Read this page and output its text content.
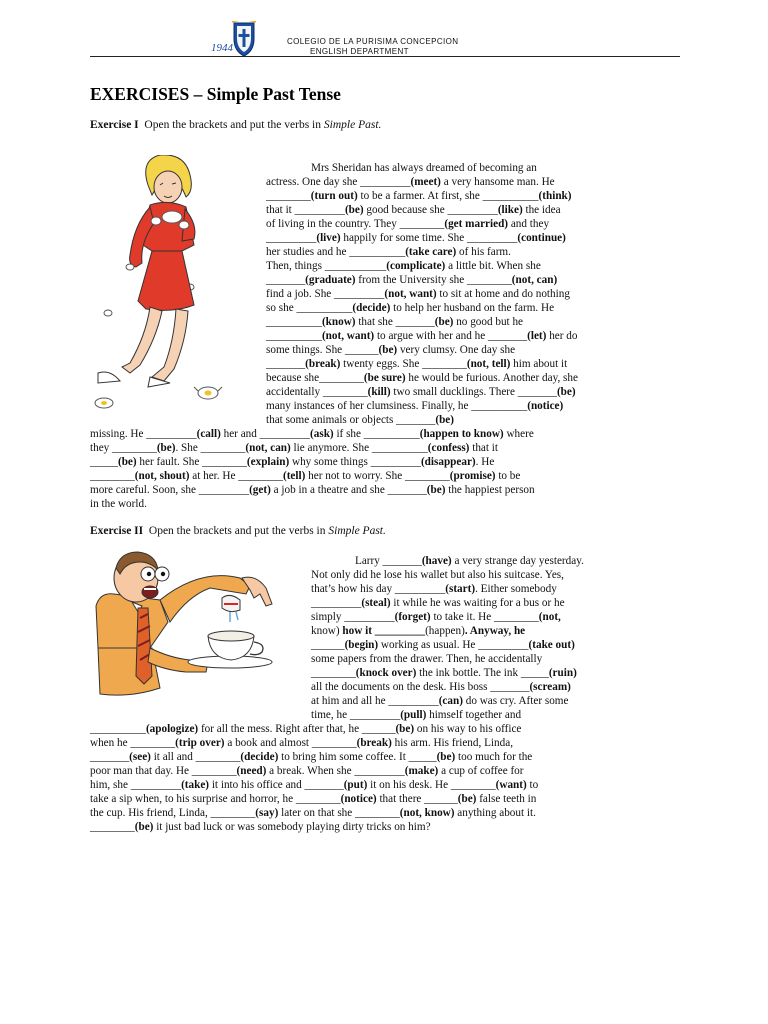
1944
COLEGIO DE LA PURISIMA CONCEPCION
ENGLISH DEPARTMENT
EXERCISES – Simple Past Tense
Exercise I Open the brackets and put the verbs in Simple Past.
Mrs Sheridan has always dreamed of becoming an
actress. One day she _________(meet) a very hansome man. He
________(turn out) to be a farmer. At first, she __________(think)
that it _________(be) good because she _________(like) the idea
of living in the country. They ________(get married) and they
_________(live) happily for some time. She _________(continue)
her studies and he __________(take care) of his farm.
Then, things ___________(complicate) a little bit. When she
_______(graduate) from the University she ________(not, can)
find a job. She _________(not, want) to sit at home and do nothing
so she __________(decide) to help her husband on the farm. He
__________(know) that she _______(be) no good but he
__________(not, want) to argue with her and he _______(let) her do
some things. She ______(be) very clumsy. One day she
_______(break) twenty eggs. She ________(not, tell) him about it
because she________(be sure) he would be furious. Another day, she
accidentally ________(kill) two small ducklings. There _______(be)
many instances of her clumsiness. Finally, he __________(notice)
that some animals or objects _______(be)
missing. He _________(call) her and _________(ask) if she __________(happen to know) where
they ________(be). She ________(not, can) lie anymore. She __________(confess) that it
_____(be) her fault. She ________(explain) why some things _________(disappear). He
________(not, shout) at her. He ________(tell) her not to worry. She ________(promise) to be
more careful. Soon, she _________(get) a job in a theatre and she _______(be) the happiest person
in the world.
Exercise II Open the brackets and put the verbs in Simple Past.
Larry _______(have) a very strange day yesterday.
Not only did he lose his wallet but also his suitcase. Yes,
that’s how his day _________(start). Either somebody
_________(steal) it while he was waiting for a bus or he
simply _________(forget) to take it. He ________(not,
know) how it _________(happen). Anyway, he
______(begin) working as usual. He _________(take out)
some papers from the drawer. Then, he accidentally
________(knock over) the ink bottle. The ink _____(ruin)
all the documents on the desk. His boss _______(scream)
at him and all he _________(can) do was cry. After some
time, he _________(pull) himself together and
__________(apologize) for all the mess. Right after that, he ______(be) on his way to his office
when he ________(trip over) a book and almost ________(break) his arm. His friend, Linda,
_______(see) it all and ________(decide) to bring him some coffee. It _____(be) too much for the
poor man that day. He ________(need) a break. When she _________(make) a cup of coffee for
him, she _________(take) it into his office and _______(put) it on his desk. He ________(want) to
take a sip when, to his surprise and horror, he ________(notice) that there ______(be) false teeth in
the cup. His friend, Linda, ________(say) later on that she ________(not, know) anything about it.
________(be) it just bad luck or was somebody playing dirty tricks on him?
